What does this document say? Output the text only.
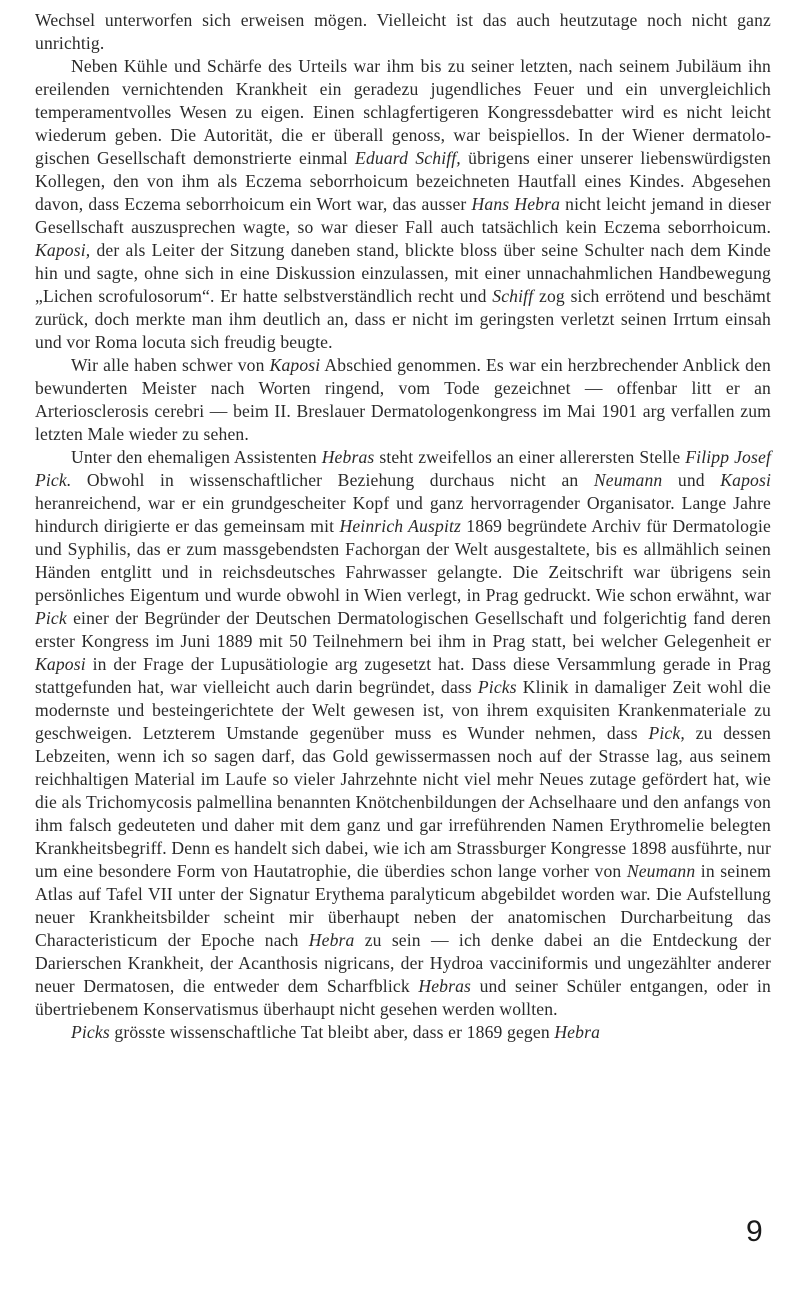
Wechsel unterworfen sich erweisen mögen. Vielleicht ist das auch heutzutage noch nicht ganz unrichtig.

Neben Kühle und Schärfe des Urteils war ihm bis zu seiner letzten, nach seinem Jubiläum ihn ereilenden vernichtenden Krankheit ein geradezu jugendliches Feuer und ein unvergleichlich temperamentvolles Wesen zu eigen. Einen schlagfertigeren Kongressdebatter wird es nicht leicht wiederum geben. Die Autorität, die er überall genoss, war beispiellos. In der Wiener dermatologischen Gesellschaft demonstrierte einmal Eduard Schiff, übrigens einer unserer liebenswürdigsten Kollegen, den von ihm als Eczema seborrhoicum bezeichneten Hautfall eines Kindes. Abgesehen davon, dass Eczema seborrhoicum ein Wort war, das ausser Hans Hebra nicht leicht jemand in dieser Gesellschaft auszusprechen wagte, so war dieser Fall auch tatsächlich kein Eczema seborrhoicum. Kaposi, der als Leiter der Sitzung daneben stand, blickte bloss über seine Schulter nach dem Kinde hin und sagte, ohne sich in eine Diskussion einzulassen, mit einer unnachahmlichen Handbewegung „Lichen scrofulosorum“. Er hatte selbstverständlich recht und Schiff zog sich errötend und beschämt zurück, doch merkte man ihm deutlich an, dass er nicht im geringsten verletzt seinen Irrtum einsah und vor Roma locuta sich freudig beugte.

Wir alle haben schwer von Kaposi Abschied genommen. Es war ein herzbrechender Anblick den bewunderten Meister nach Worten ringend, vom Tode gezeichnet — offenbar litt er an Arteriosclerosis cerebri — beim II. Breslauer Dermatologenkongress im Mai 1901 arg verfallen zum letzten Male wieder zu sehen.

Unter den ehemaligen Assistenten Hebras steht zweifellos an einer allerersten Stelle Filipp Josef Pick. Obwohl in wissenschaftlicher Beziehung durchaus nicht an Neumann und Kaposi heranreichend, war er ein grundgescheiter Kopf und ganz hervorragender Organisator. Lange Jahre hindurch dirigierte er das gemeinsam mit Heinrich Auspitz 1869 begründete Archiv für Dermatologie und Syphilis, das er zum massgebendsten Fachorgan der Welt ausgestaltete, bis es allmählich seinen Händen entglitt und in reichsdeutsches Fahrwasser gelangte. Die Zeitschrift war übrigens sein persönliches Eigentum und wurde obwohl in Wien verlegt, in Prag gedruckt. Wie schon erwähnt, war Pick einer der Begründer der Deutschen Dermatologischen Gesellschaft und folgerichtig fand deren erster Kongress im Juni 1889 mit 50 Teilnehmern bei ihm in Prag statt, bei welcher Gelegenheit er Kaposi in der Frage der Lupusätiologie arg zugesetzt hat. Dass diese Versammlung gerade in Prag stattgefunden hat, war vielleicht auch darin begründet, dass Picks Klinik in damaliger Zeit wohl die modernste und besteingerichtete der Welt gewesen ist, von ihrem exquisiten Krankenmateriale zu geschweigen. Letzterem Umstande gegenüber muss es Wunder nehmen, dass Pick, zu dessen Lebzeiten, wenn ich so sagen darf, das Gold gewissermassen noch auf der Strasse lag, aus seinem reichhaltigen Material im Laufe so vieler Jahrzehnte nicht viel mehr Neues zutage gefördert hat, wie die als Trichomycosis palmellina benannten Knötchenbildungen der Achselhaare und den anfangs von ihm falsch gedeuteten und daher mit dem ganz und gar irreführenden Namen Erythromelie belegten Krankheitsbegriff. Denn es handelt sich dabei, wie ich am Strassburger Kongresse 1898 ausführte, nur um eine besondere Form von Hautatrophie, die überdies schon lange vorher von Neumann in seinem Atlas auf Tafel VII unter der Signatur Erythema paralyticum abgebildet worden war. Die Aufstellung neuer Krankheitsbilder scheint mir überhaupt neben der anatomischen Durcharbeitung das Characteristicum der Epoche nach Hebra zu sein — ich denke dabei an die Entdeckung der Darierschen Krankheit, der Acanthosis nigricans, der Hydroa vacciniformis und ungezählter anderer neuer Dermatosen, die entweder dem Scharfblick Hebras und seiner Schüler entgangen, oder in übertriebenem Konservatismus überhaupt nicht gesehen werden wollten.

Picks grösste wissenschaftliche Tat bleibt aber, dass er 1869 gegen Hebra

9
